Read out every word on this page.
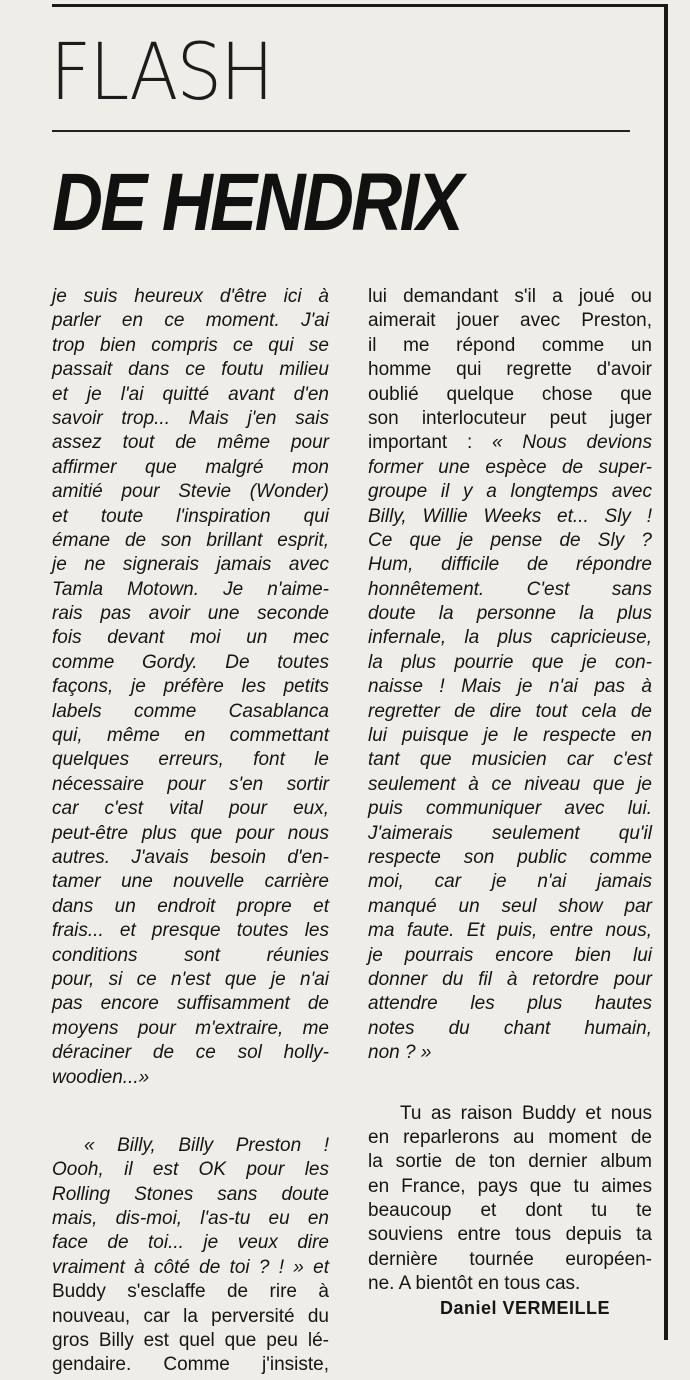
FLASH
DE HENDRIX
je suis heureux d'être ici à
parler en ce moment. J'ai
trop bien compris ce qui se
passait dans ce foutu milieu
et je l'ai quitté avant d'en
savoir trop... Mais j'en sais
assez tout de même pour
affirmer que malgré mon
amitié pour Stevie (Wonder)
et toute l'inspiration qui
émane de son brillant esprit,
je ne signerais jamais avec
Tamla Motown. Je n'aime-
rais pas avoir une seconde
fois devant moi un mec
comme Gordy. De toutes
façons, je préfère les petits
labels comme Casablanca
qui, même en commettant
quelques erreurs, font le
nécessaire pour s'en sortir
car c'est vital pour eux,
peut-être plus que pour nous
autres. J'avais besoin d'en-
tamer une nouvelle carrière
dans un endroit propre et
frais... et presque toutes les
conditions sont réunies
pour, si ce n'est que je n'ai
pas encore suffisamment de
moyens pour m'extraire, me
déraciner de ce sol holly-
woodien...»
« Billy, Billy Preston !
Oooh, il est OK pour les
Rolling Stones sans doute
mais, dis-moi, l'as-tu eu en
face de toi... je veux dire
vraiment à côté de toi ? ! » et
Buddy s'esclaffe de rire à
nouveau, car la perversité du
gros Billy est quel que peu lé-
gendaire. Comme j'insiste,
lui demandant s'il a joué ou
aimerait jouer avec Preston,
il me répond comme un
homme qui regrette d'avoir
oublié quelque chose que
son interlocuteur peut juger
important : « Nous devions
former une espèce de super-
groupe il y a longtemps avec
Billy, Willie Weeks et... Sly !
Ce que je pense de Sly ?
Hum, difficile de répondre
honnêtement. C'est sans
doute la personne la plus
infernale, la plus capricieuse,
la plus pourrie que je con-
naisse ! Mais je n'ai pas à
regretter de dire tout cela de
lui puisque je le respecte en
tant que musicien car c'est
seulement à ce niveau que je
puis communiquer avec lui.
J'aimerais seulement qu'il
respecte son public comme
moi, car je n'ai jamais
manqué un seul show par
ma faute. Et puis, entre nous,
je pourrais encore bien lui
donner du fil à retordre pour
attendre les plus hautes
notes du chant humain,
non ? »
Tu as raison Buddy et nous
en reparlerons au moment de
la sortie de ton dernier album
en France, pays que tu aimes
beaucoup et dont tu te
souviens entre tous depuis ta
dernière tournée européen-
ne. A bientôt en tous cas.
Daniel VERMEILLE
